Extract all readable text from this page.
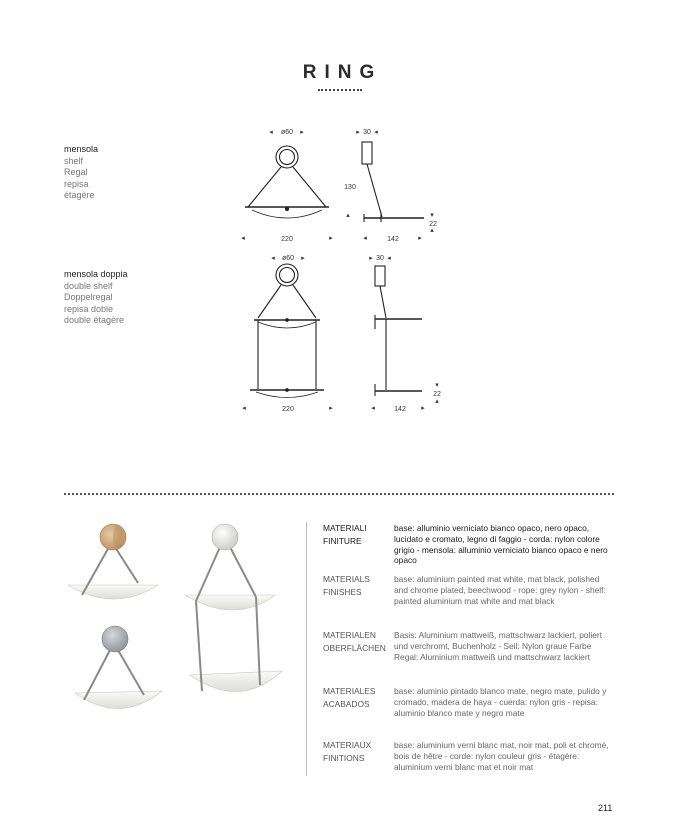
RING
mensola
shelf
Regal
repisa
étagère
mensola doppia
double shelf
Doppelregal
repisa doble
double étagère
ø60
◂	▸
220
◂	▸
30
▸ ◂
130
▴
142
◂	▸
22
▾
▴
ø60
◂	▸
220
◂	▸
30
▸ ◂
142
◂	▸
22
▾
▴
MATERIALI
FINITURE
base: alluminio verniciato bianco opaco, nero opaco, lucidato e cromato, legno di faggio - corda: nylon colore grigio - mensola: alluminio verniciato bianco opaco e nero opaco
MATERIALS
FINISHES
base: aluminium painted mat white, mat black, polished and chrome plated, beechwood - rope: grey nylon - shelf: painted aluminium mat white and mat black
MATERIALEN
OBERFLÄCHEN
Basis: Aluminium mattweiß, mattschwarz lackiert, poliert und verchromt, Buchenholz - Seil: Nylon graue Farbe Regal: Aluminium mattweiß und mattschwarz lackiert
MATERIALES
ACABADOS
base: aluminio pintado blanco mate, negro mate, pulido y cromado, madera de haya - cuerda: nylon gris - repisa: aluminio blanco mate y negro mate
MATERIAUX
FINITIONS
base: aluminium verni blanc mat, noir mat, poli et chromé, bois de hêtre - corde: nylon couleur gris - étagère: aluminium verni blanc mat et noir mat
211
